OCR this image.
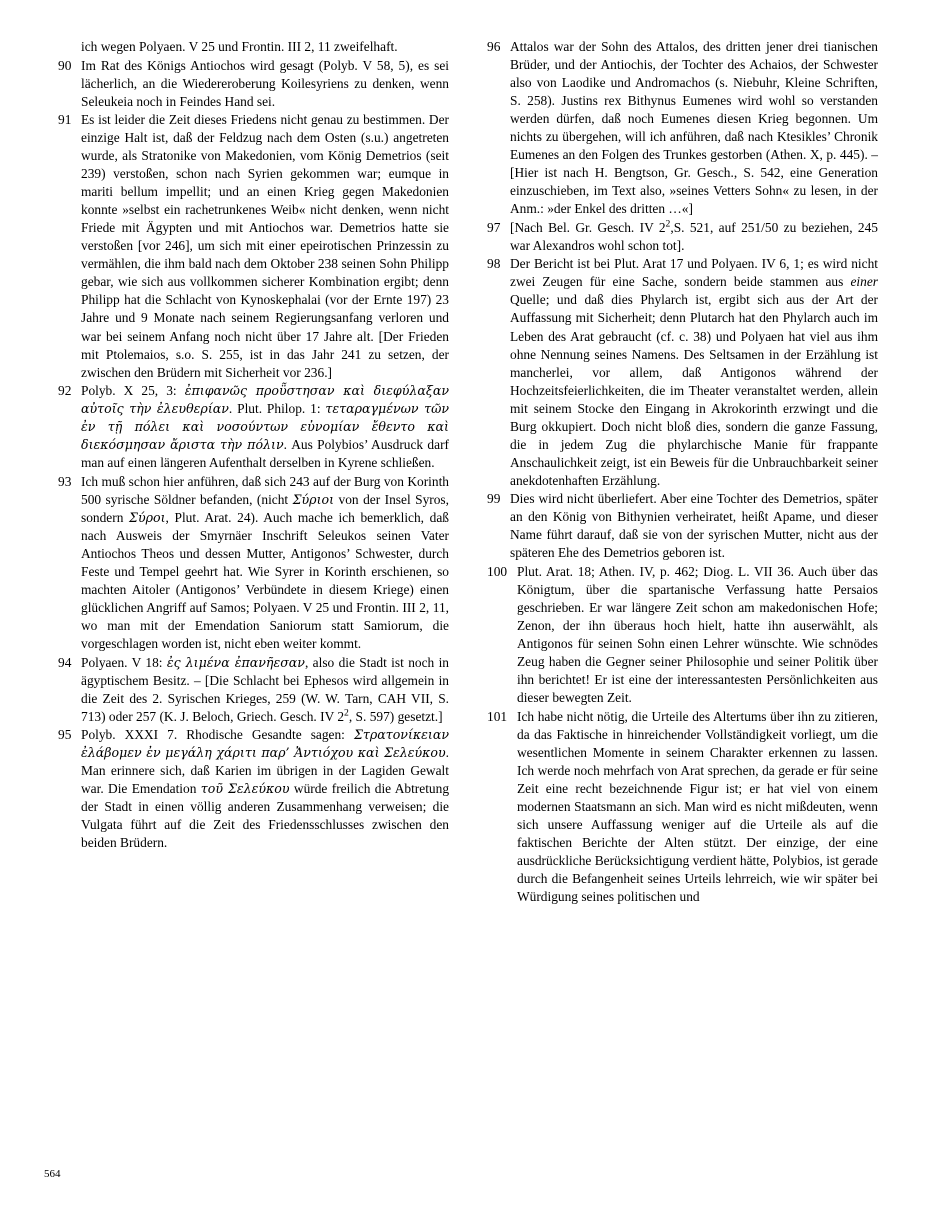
ich wegen Polyaen. V 25 und Frontin. III 2, 11 zweifelhaft.
90 Im Rat des Königs Antiochos wird gesagt (Polyb. V 58, 5), es sei lächerlich, an die Wiedereroberung Koilesyriens zu denken, wenn Seleukeia noch in Feindes Hand sei.
91 Es ist leider die Zeit dieses Friedens nicht genau zu bestimmen. Der einzige Halt ist, daß der Feldzug nach dem Osten (s.u.) angetreten wurde, als Stratonike von Makedonien, vom König Demetrios (seit 239) verstoßen, schon nach Syrien gekommen war; eumque in mariti bellum impellit; und an einen Krieg gegen Makedonien konnte »selbst ein rachetrunkenes Weib« nicht denken, wenn nicht Friede mit Ägypten und mit Antiochos war. Demetrios hatte sie verstoßen [vor 246], um sich mit einer epeirotischen Prinzessin zu vermählen, die ihm bald nach dem Oktober 238 seinen Sohn Philipp gebar, wie sich aus vollkommen sicherer Kombination ergibt; denn Philipp hat die Schlacht von Kynoskephalai (vor der Ernte 197) 23 Jahre und 9 Monate nach seinem Regierungsanfang verloren und war bei seinem Anfang noch nicht über 17 Jahre alt. [Der Frieden mit Ptolemaios, s.o. S. 255, ist in das Jahr 241 zu setzen, der zwischen den Brüdern mit Sicherheit vor 236.]
92 Polyb. X 25, 3: ἐπιφανῶς προῧστησαν καὶ διεφύλαξαν αὐτοῖς τὴν ἐλευθερίαν. Plut. Philop. 1: τεταραγμένων τῶν ἐν τῇ πόλει καὶ νοσούντων εὐνομίαν ἔθεντο καὶ διεκόσμησαν ἄριστα τὴν πόλιν. Aus Polybios’ Ausdruck darf man auf einen längeren Aufenthalt derselben in Kyrene schließen.
93 Ich muß schon hier anführen, daß sich 243 auf der Burg von Korinth 500 syrische Söldner befanden, (nicht Σύριοι von der Insel Syros, sondern Σύροι, Plut. Arat. 24). Auch mache ich bemerklich, daß nach Ausweis der Smyrnäer Inschrift Seleukos seinen Vater Antiochos Theos und dessen Mutter, Antigonos’ Schwester, durch Feste und Tempel geehrt hat. Wie Syrer in Korinth erschienen, so machten Aitoler (Antigonos’ Verbündete in diesem Kriege) einen glücklichen Angriff auf Samos; Polyaen. V 25 und Frontin. III 2, 11, wo man mit der Emendation Saniorum statt Samiorum, die vorgeschlagen worden ist, nicht eben weiter kommt.
94 Polyaen. V 18: ἐς λιμένα ἐπανῆεσαν, also die Stadt ist noch in ägyptischem Besitz. – [Die Schlacht bei Ephesos wird allgemein in die Zeit des 2. Syrischen Krieges, 259 (W. W. Tarn, CAH VII, S. 713) oder 257 (K. J. Beloch, Griech. Gesch. IV $2^2$, S. 597) gesetzt.]
95 Polyb. XXXI 7. Rhodische Gesandte sagen: Στρατονίκειαν ἐλάβομεν ἐν μεγάλη χάριτι παρ’ Ἀντιόχου καὶ Σελεύκου. Man erinnere sich, daß Karien im übrigen in der Lagiden Gewalt war. Die Emendation τοῦ Σελεύκου würde freilich die Abtretung der Stadt in einen völlig anderen Zusammenhang verweisen; die Vulgata führt auf die Zeit des Friedensschlusses zwischen den beiden Brüdern.
96 Attalos war der Sohn des Attalos, des dritten jener drei tianischen Brüder, und der Antiochis, der Tochter des Achaios, der Schwester also von Laodike und Andromachos (s. Niebuhr, Kleine Schriften, S. 258). Justins rex Bithynus Eumenes wird wohl so verstanden werden dürfen, daß noch Eumenes diesen Krieg begonnen. Um nichts zu übergehen, will ich anführen, daß nach Ktesikles’ Chronik Eumenes an den Folgen des Trunkes gestorben (Athen. X, p. 445). – [Hier ist nach H. Bengtson, Gr. Gesch., S. 542, eine Generation einzuschieben, im Text also, »seines Vetters Sohn« zu lesen, in der Anm.: »der Enkel des dritten …«]
97 [Nach Bel. Gr. Gesch. IV $2^2,S$. 521, auf 251/50 zu beziehen, 245 war Alexandros wohl schon tot].
98 Der Bericht ist bei Plut. Arat 17 und Polyaen. IV 6, 1; es wird nicht zwei Zeugen für eine Sache, sondern beide stammen aus einer Quelle; und daß dies Phylarch ist, ergibt sich aus der Art der Auffassung mit Sicherheit; denn Plutarch hat den Phylarch auch im Leben des Arat gebraucht (cf. c. 38) und Polyaen hat viel aus ihm ohne Nennung seines Namens. Des Seltsamen in der Erzählung ist mancherlei, vor allem, daß Antigonos während der Hochzeitsfeierlichkeiten, die im Theater veranstaltet werden, allein mit seinem Stocke den Eingang in Akrokorinth erzwingt und die Burg okkupiert. Doch nicht bloß dies, sondern die ganze Fassung, die in jedem Zug die phylarchische Manie für frappante Anschaulichkeit zeigt, ist ein Beweis für die Unbrauchbarkeit seiner anekdotenhaften Erzählung.
99 Dies wird nicht überliefert. Aber eine Tochter des Demetrios, später an den König von Bithynien verheiratet, heißt Apame, und dieser Name führt darauf, daß sie von der syrischen Mutter, nicht aus der späteren Ehe des Demetrios geboren ist.
100 Plut. Arat. 18; Athen. IV, p. 462; Diog. L. VII 36. Auch über das Königtum, über die spartanische Verfassung hatte Persaios geschrieben. Er war längere Zeit schon am makedonischen Hofe; Zenon, der ihn überaus hoch hielt, hatte ihn auserwählt, als Antigonos für seinen Sohn einen Lehrer wünschte. Wie schnödes Zeug haben die Gegner seiner Philosophie und seiner Politik über ihn berichtet! Er ist eine der interessantesten Persönlichkeiten aus dieser bewegten Zeit.
101 Ich habe nicht nötig, die Urteile des Altertums über ihn zu zitieren, da das Faktische in hinreichender Vollständigkeit vorliegt, um die wesentlichen Momente in seinem Charakter erkennen zu lassen. Ich werde noch mehrfach von Arat sprechen, da gerade er für seine Zeit eine recht bezeichnende Figur ist; er hat viel von einem modernen Staatsmann an sich. Man wird es nicht mißdeuten, wenn sich unsere Auffassung weniger auf die Urteile als auf die faktischen Berichte der Alten stützt. Der einzige, der eine ausdrückliche Berücksichtigung verdient hätte, Polybios, ist gerade durch die Befangenheit seines Urteils lehrreich, wie wir später bei Würdigung seines politischen und
564
